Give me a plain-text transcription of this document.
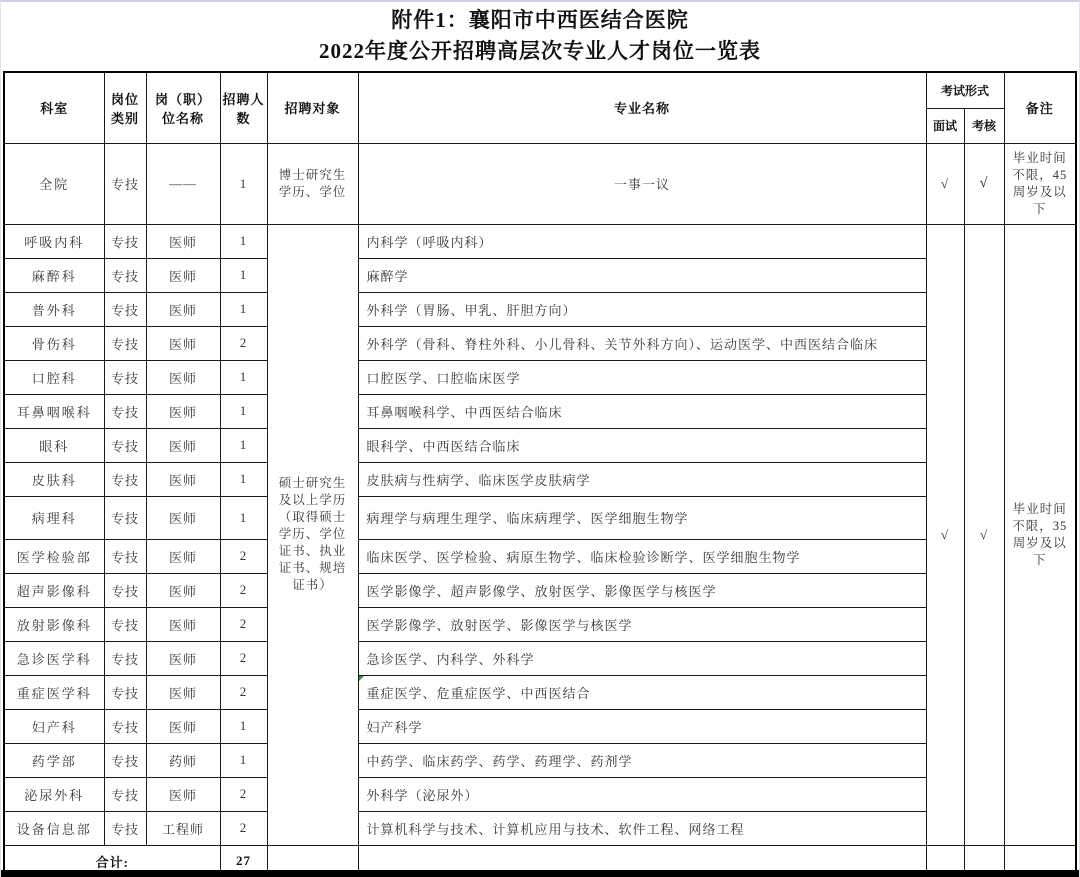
附件1：襄阳市中西医结合医院
2022年度公开招聘高层次专业人才岗位一览表
科室	岗位类别	岗（职）位名称	招聘人数	招聘对象	专业名称	考试形式		备注
						面试	考核	
全院	专技	——	1	博士研究生学历、学位	一事一议	√	√	毕业时间不限，45周岁及以下
呼吸内科	专技	医师	1	硕士研究生及以上学历（取得硕士学历、学位证书、执业证书、规培证书）	内科学（呼吸内科）	√	√	毕业时间不限，35周岁及以下
麻醉科	专技	医师	1		麻醉学			
普外科	专技	医师	1		外科学（胃肠、甲乳、肝胆方向）			
骨伤科	专技	医师	2		外科学（骨科、脊柱外科、小儿骨科、关节外科方向）、运动医学、中西医结合临床			
口腔科	专技	医师	1		口腔医学、口腔临床医学			
耳鼻咽喉科	专技	医师	1		耳鼻咽喉科学、中西医结合临床			
眼科	专技	医师	1		眼科学、中西医结合临床			
皮肤科	专技	医师	1		皮肤病与性病学、临床医学皮肤病学			
病理科	专技	医师	1		病理学与病理生理学、临床病理学、医学细胞生物学			
医学检验部	专技	医师	2		临床医学、医学检验、病原生物学、临床检验诊断学、医学细胞生物学			
超声影像科	专技	医师	2		医学影像学、超声影像学、放射医学、影像医学与核医学			
放射影像科	专技	医师	2		医学影像学、放射医学、影像医学与核医学			
急诊医学科	专技	医师	2		急诊医学、内科学、外科学			
重症医学科	专技	医师	2		重症医学、危重症医学、中西医结合			
妇产科	专技	医师	1		妇产科学			
药学部	专技	药师	1		中药学、临床药学、药学、药理学、药剂学			
泌尿外科	专技	医师	2		外科学（泌尿外）			
设备信息部	专技	工程师	2		计算机科学与技术、计算机应用与技术、软件工程、网络工程			
合计:			27					
